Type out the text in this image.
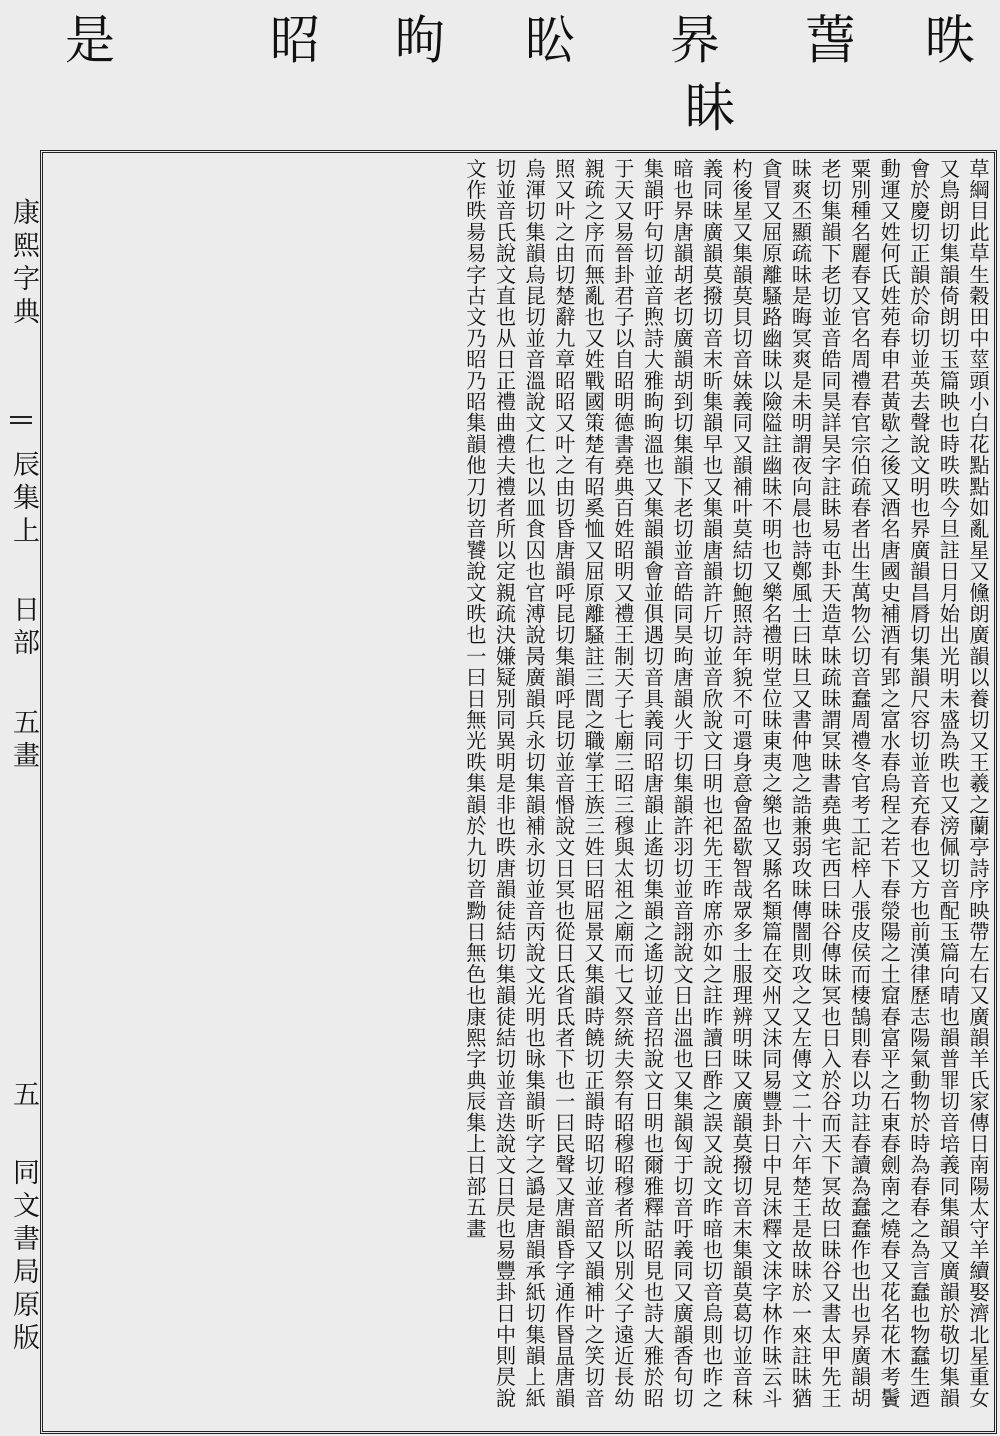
昳
萅
昦
昖
昫
昭
是
眛
康熙字典
辰集上
日部
五畫
五
同文書局原版	草綱目此草生穀田中莖頭小白花點點如亂星又儵朗廣韻以養切又王羲之蘭亭詩序映帶左右又廣韻羊氏家傳日南陽太守羊續娶濟北星重女又鳥朗切集韻倚朗切玉篇映也時昳昳今旦註日月始出光明未盛為昳也又滂佩切音配玉篇向晴也韻普罪切音培義同集韻又廣韻於敬切集韻會於慶切正韻於命切並英去聲說文明也昦廣韻昌脣切集韻尺容切並音充春也又方也前漢律歷志陽氣動物於時為春春之為言蠢也物蠢生迺動運又姓何氏姓苑春申君黃歇之後又酒名唐國史補酒有郢之富水春烏程之若下春滎陽之土窟春富平之石東春劍南之燒春又花名花木考鬢粟別種名麗春又官名周禮春官宗伯疏春者出生萬物公切音蠢周禮冬官考工記梓人張皮侯而棲鵠則春以功註春讀為蠢蠢作也出也昦廣韻胡老切集韻下老切並音皓同昊詳昊字註眛易屯卦天造草昧疏昧謂冥昧書堯典宅西曰昧谷傳昧冥也日入於谷而天下冥故曰昧谷又書太甲先王昧爽丕顯疏昧是晦冥爽是未明謂夜向晨也詩鄭風士曰昧旦又書仲虺之誥兼弱攻昧傳闇則攻之又左傳文二十六年楚王是故昧於一來註昧猶貪冒又屈原離騷路幽昧以險隘註幽昧不明也又樂名禮明堂位昧東夷之樂也又縣名類篇在交州又沫同易豐卦日中見沫釋文沫字林作昧云斗杓後星又集韻莫貝切音妹義同又韻補叶莫結切鮑照詩年貌不可還身意會盈歇智哉眾多士服理辨明昧又廣韻莫撥切音末集韻莫葛切並音秣義同昧廣韻莫撥切音末昕集韻早也又集韻唐韻許斤切並音欣說文曰明也祀先王昨席亦如之註昨讀曰酢之誤又說文昨暗也切音烏則也昨之暗也昦唐韻胡老切廣韻胡到切集韻下老切並音皓同昊昫唐韻火于切集韻許羽切並音詡說文日出溫也又集韻匈于切音吁義同又廣韻香句切集韻吁句切並音煦詩大雅昫昫溫也又集韻韻會並俱遇切音具義同昭唐韻止遙切集韻之遙切並音招說文日明也爾雅釋詁昭見也詩大雅於昭于天又易晉卦君子以自昭明德書堯典百姓昭明又禮王制天子七廟三昭三穆與太祖之廟而七又祭統夫祭有昭穆昭穆者所以別父子遠近長幼親疏之序而無亂也又姓戰國策楚有昭奚恤又屈原離騷註三閭之職掌王族三姓曰昭屈景又集韻時饒切正韻時昭切並音韶又韻補叶之笑切音照又叶之由切楚辭九章昭昭又叶之由切昏唐韻呼昆切集韻呼昆切並音惽說文日冥也從日氐省氐者下也一曰民聲又唐韻昏字通作昬昷唐韻烏渾切集韻烏昆切並音溫說文仁也以皿食囚也官溥說昺廣韻兵永切集韻補永切並音丙說文光明也昹集韻昕字之譌是唐韻承紙切集韻上紙切並音氏說文直也从日正禮曲禮夫禮者所以定親疏決嫌疑別同異明是非也昳唐韻徒結切集韻徒結切並音迭說文日昃也易豐卦日中則昃說文作昳昜易字古文乃昭乃昭集韻他刀切音饕說文昳也一曰日無光昳集韻於九切音黝日無色也康熙字典辰集上日部五畫
